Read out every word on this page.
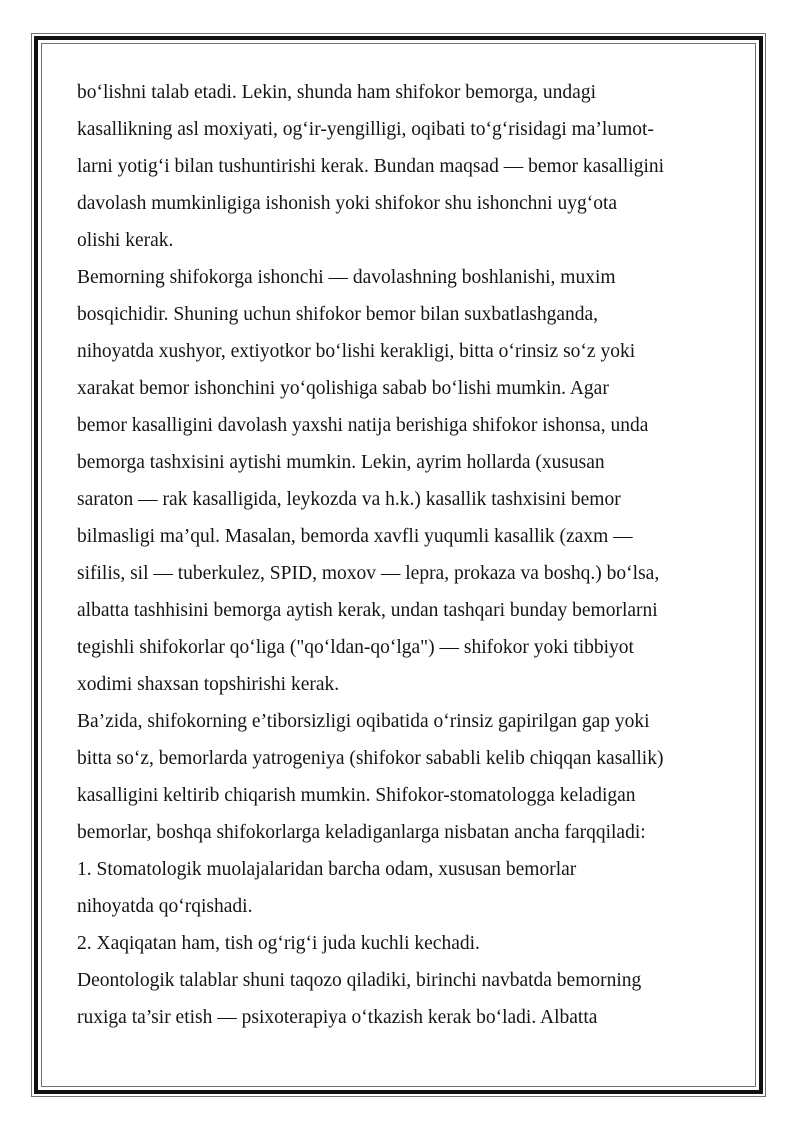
bo‘lishni talab etadi. Lekin, shunda ham shifokor bemorga, undagi
kasallikning asl moxiyati, og‘ir-yengilligi, oqibati to‘g‘risidagi ma’lumot-
larni yotig‘i bilan tushuntirishi kerak. Bundan maqsad — bemor kasalligini
davolash mumkinligiga ishonish yoki shifokor shu ishonchni uyg‘ota
olishi kerak.
Bemorning shifokorga ishonchi — davolashning boshlanishi, muxim
bosqichidir. Shuning uchun shifokor bemor bilan suxbatlashganda,
nihoyatda xushyor, extiyotkor bo‘lishi kerakligi, bitta o‘rinsiz so‘z yoki
xarakat bemor ishonchini yo‘qolishiga sabab bo‘lishi mumkin. Agar
bemor kasalligini davolash yaxshi natija berishiga shifokor ishonsa, unda
bemorga tashxisini aytishi mumkin. Lekin, ayrim hollarda (xususan
saraton — rak kasalligida, leykozda va h.k.) kasallik tashxisini bemor
bilmasligi ma’qul. Masalan, bemorda xavfli yuqumli kasallik (zaxm —
sifilis, sil — tuberkulez, SPID, moxov — lepra, prokaza va boshq.) bo‘lsa,
albatta tashhisini bemorga aytish kerak, undan tashqari bunday bemorlarni
tegishli shifokorlar qo‘liga ("qo‘ldan-qo‘lga") — shifokor yoki tibbiyot
xodimi shaxsan topshirishi kerak.
Ba’zida, shifokorning e’tiborsizligi oqibatida o‘rinsiz gapirilgan gap yoki
bitta so‘z, bemorlarda yatrogeniya (shifokor sababli kelib chiqqan kasallik)
kasalligini keltirib chiqarish mumkin. Shifokor-stomatologga keladigan
bemorlar, boshqa shifokorlarga keladiganlarga nisbatan ancha farqqiladi:
1. Stomatologik muolajalaridan barcha odam, xususan bemorlar
nihoyatda qo‘rqishadi.
2. Xaqiqatan ham, tish og‘rig‘i juda kuchli kechadi.
Deontologik talablar shuni taqozo qiladiki, birinchi navbatda bemorning
ruxiga ta’sir etish — psixoterapiya o‘tkazish kerak bo‘ladi. Albatta
